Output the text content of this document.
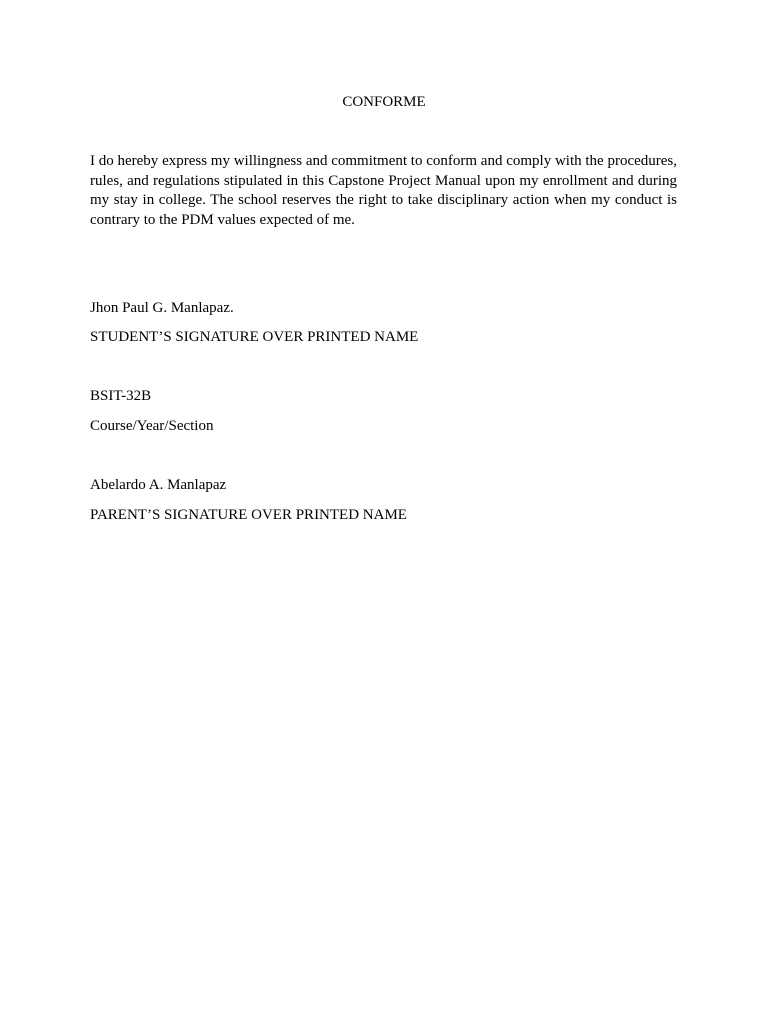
CONFORME

I do hereby express my willingness and commitment to conform and comply with the procedures, rules, and regulations stipulated in this Capstone Project Manual upon my enrollment and during my stay in college. The school reserves the right to take disciplinary action when my conduct is contrary to the PDM values expected of me.

Jhon Paul G. Manlapaz.
STUDENT’S SIGNATURE OVER PRINTED NAME
BSIT-32B
Course/Year/Section
Abelardo A. Manlapaz
PARENT’S SIGNATURE OVER PRINTED NAME
